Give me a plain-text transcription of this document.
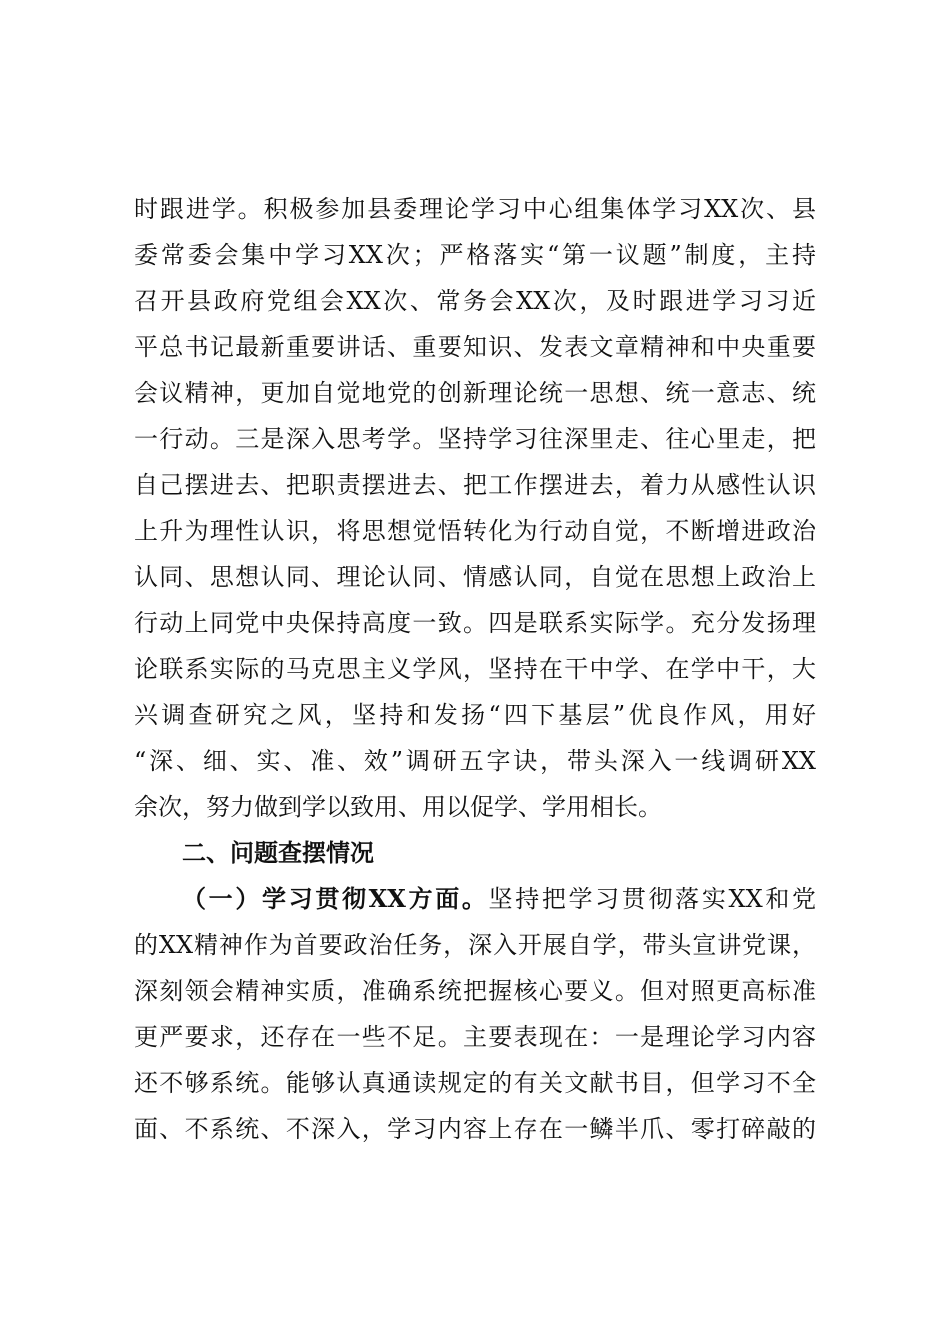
时跟进学。积极参加县委理论学习中心组集体学习XX次、县
委常委会集中学习XX次；严格落实“第一议题”制度，主持
召开县政府党组会XX次、常务会XX次，及时跟进学习习近
平总书记最新重要讲话、重要知识、发表文章精神和中央重要
会议精神，更加自觉地党的创新理论统一思想、统一意志、统
一行动。三是深入思考学。坚持学习往深里走、往心里走，把
自己摆进去、把职责摆进去、把工作摆进去，着力从感性认识
上升为理性认识，将思想觉悟转化为行动自觉，不断增进政治
认同、思想认同、理论认同、情感认同，自觉在思想上政治上
行动上同党中央保持高度一致。四是联系实际学。充分发扬理
论联系实际的马克思主义学风，坚持在干中学、在学中干，大
兴调查研究之风，坚持和发扬“四下基层”优良作风，用好
“深、细、实、准、效”调研五字诀，带头深入一线调研XX
余次，努力做到学以致用、用以促学、学用相长。
二、问题查摆情况
（一）学习贯彻XX方面。坚持把学习贯彻落实XX和党
的XX精神作为首要政治任务，深入开展自学，带头宣讲党课，
深刻领会精神实质，准确系统把握核心要义。但对照更高标准
更严要求，还存在一些不足。主要表现在：一是理论学习内容
还不够系统。能够认真通读规定的有关文献书目，但学习不全
面、不系统、不深入，学习内容上存在一鳞半爪、零打碎敲的
